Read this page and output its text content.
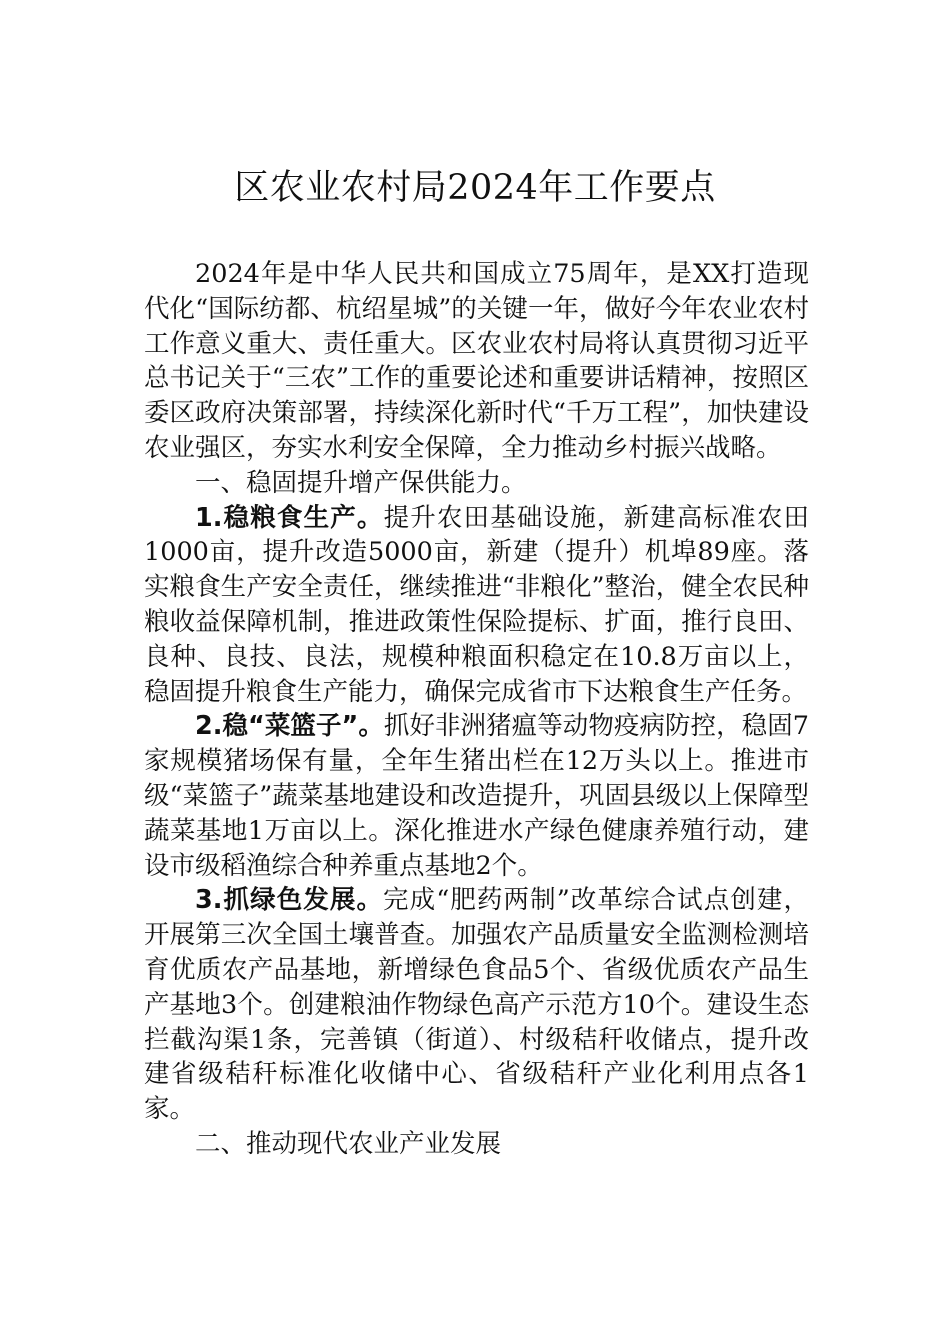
区农业农村局2024年工作要点

2024年是中华人民共和国成立75周年，是XX打造现代化“国际纺都、杭绍星城”的关键一年，做好今年农业农村工作意义重大、责任重大。区农业农村局将认真贯彻习近平总书记关于“三农”工作的重要论述和重要讲话精神，按照区委区政府决策部署，持续深化新时代“千万工程”，加快建设农业强区，夯实水利安全保障，全力推动乡村振兴战略。

一、稳固提升增产保供能力。

1.稳粮食生产。提升农田基础设施，新建高标准农田1000亩，提升改造5000亩，新建（提升）机埠89座。落实粮食生产安全责任，继续推进“非粮化”整治，健全农民种粮收益保障机制，推进政策性保险提标、扩面，推行良田、良种、良技、良法，规模种粮面积稳定在10.8万亩以上，稳固提升粮食生产能力，确保完成省市下达粮食生产任务。

2.稳“菜篮子”。抓好非洲猪瘟等动物疫病防控，稳固7家规模猪场保有量，全年生猪出栏在12万头以上。推进市级“菜篮子”蔬菜基地建设和改造提升，巩固县级以上保障型蔬菜基地1万亩以上。深化推进水产绿色健康养殖行动，建设市级稻渔综合种养重点基地2个。

3.抓绿色发展。完成“肥药两制”改革综合试点创建，开展第三次全国土壤普查。加强农产品质量安全监测检测培育优质农产品基地，新增绿色食品5个、省级优质农产品生产基地3个。创建粮油作物绿色高产示范方10个。建设生态拦截沟渠1条，完善镇（街道）、村级秸秆收储点，提升改建省级秸秆标准化收储中心、省级秸秆产业化利用点各1家。

二、推动现代农业产业发展
